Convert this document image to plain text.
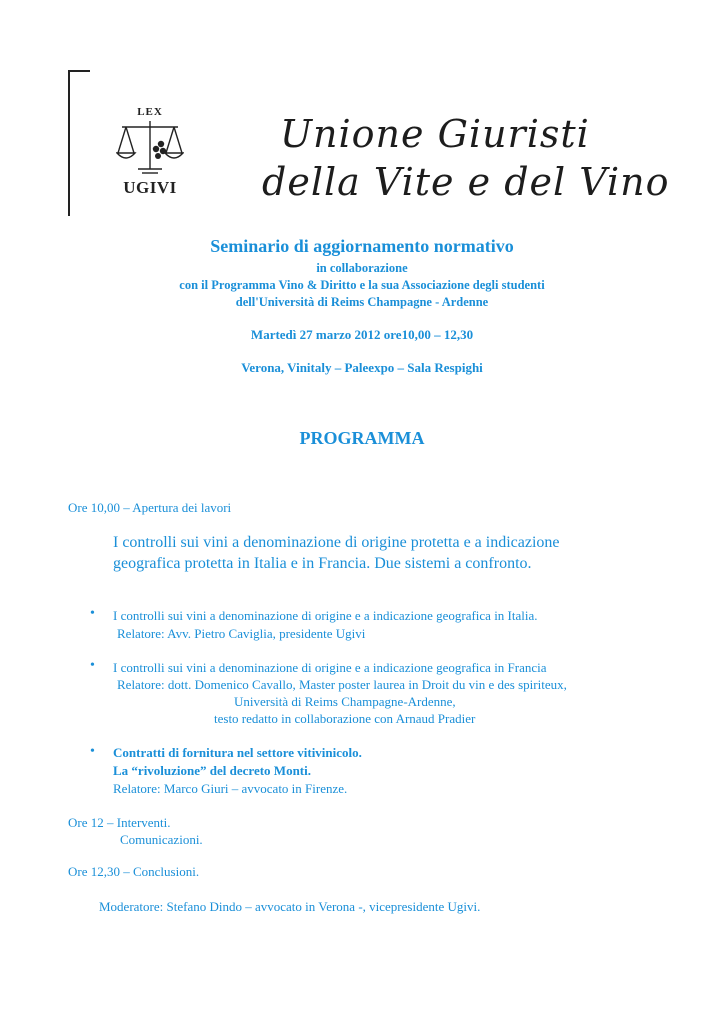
LEX
UGIVI
Unione Giuristi
della Vite e del Vino
Seminario di aggiornamento normativo
in collaborazione
con il Programma Vino & Diritto e la sua Associazione degli studenti
dell'Università di Reims Champagne - Ardenne
Martedì 27 marzo 2012 ore10,00 – 12,30
Verona, Vinitaly – Paleexpo – Sala Respighi
PROGRAMMA
Ore 10,00 – Apertura dei lavori
I controlli sui vini a denominazione di origine protetta e a indicazione
geografica protetta in Italia e in Francia. Due sistemi a confronto.
• I controlli sui vini a denominazione di origine e a indicazione geografica in Italia.
Relatore: Avv. Pietro Caviglia, presidente Ugivi
• I controlli sui vini a denominazione di origine e a indicazione geografica in Francia
Relatore: dott. Domenico Cavallo, Master poster laurea in Droit du vin e des spiriteux,
Università di Reims Champagne-Ardenne,
testo redatto in collaborazione con Arnaud Pradier
• Contratti di fornitura nel settore vitivinicolo.
La “rivoluzione” del decreto Monti.
Relatore: Marco Giuri – avvocato in Firenze.
Ore 12 – Interventi.
Comunicazioni.
Ore 12,30 – Conclusioni.
Moderatore: Stefano Dindo – avvocato in Verona -, vicepresidente Ugivi.
